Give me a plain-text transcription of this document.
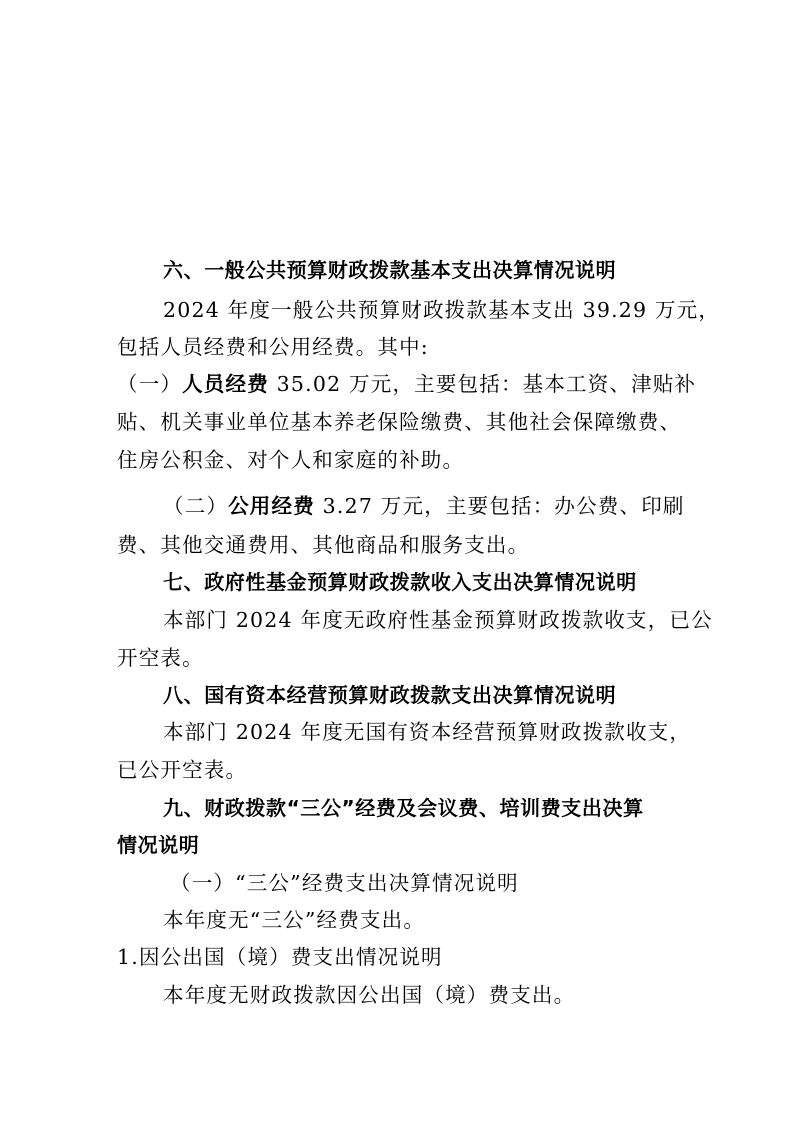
六、一般公共预算财政拨款基本支出决算情况说明
2024 年度一般公共预算财政拨款基本支出 39.29 万元，
包括人员经费和公用经费。其中:
（一）人员经费 35.02 万元，主要包括：基本工资、津贴补
贴、机关事业单位基本养老保险缴费、其他社会保障缴费、
住房公积金、对个人和家庭的补助。
（二）公用经费 3.27 万元，主要包括：办公费、印刷
费、其他交通费用、其他商品和服务支出。
七、政府性基金预算财政拨款收入支出决算情况说明
本部门 2024 年度无政府性基金预算财政拨款收支，已公
开空表。
八、国有资本经营预算财政拨款支出决算情况说明
本部门 2024 年度无国有资本经营预算财政拨款收支，
已公开空表。
九、财政拨款“三公”经费及会议费、培训费支出决算
情况说明
（一）“三公”经费支出决算情况说明
本年度无“三公”经费支出。
1.因公出国（境）费支出情况说明
本年度无财政拨款因公出国（境）费支出。
